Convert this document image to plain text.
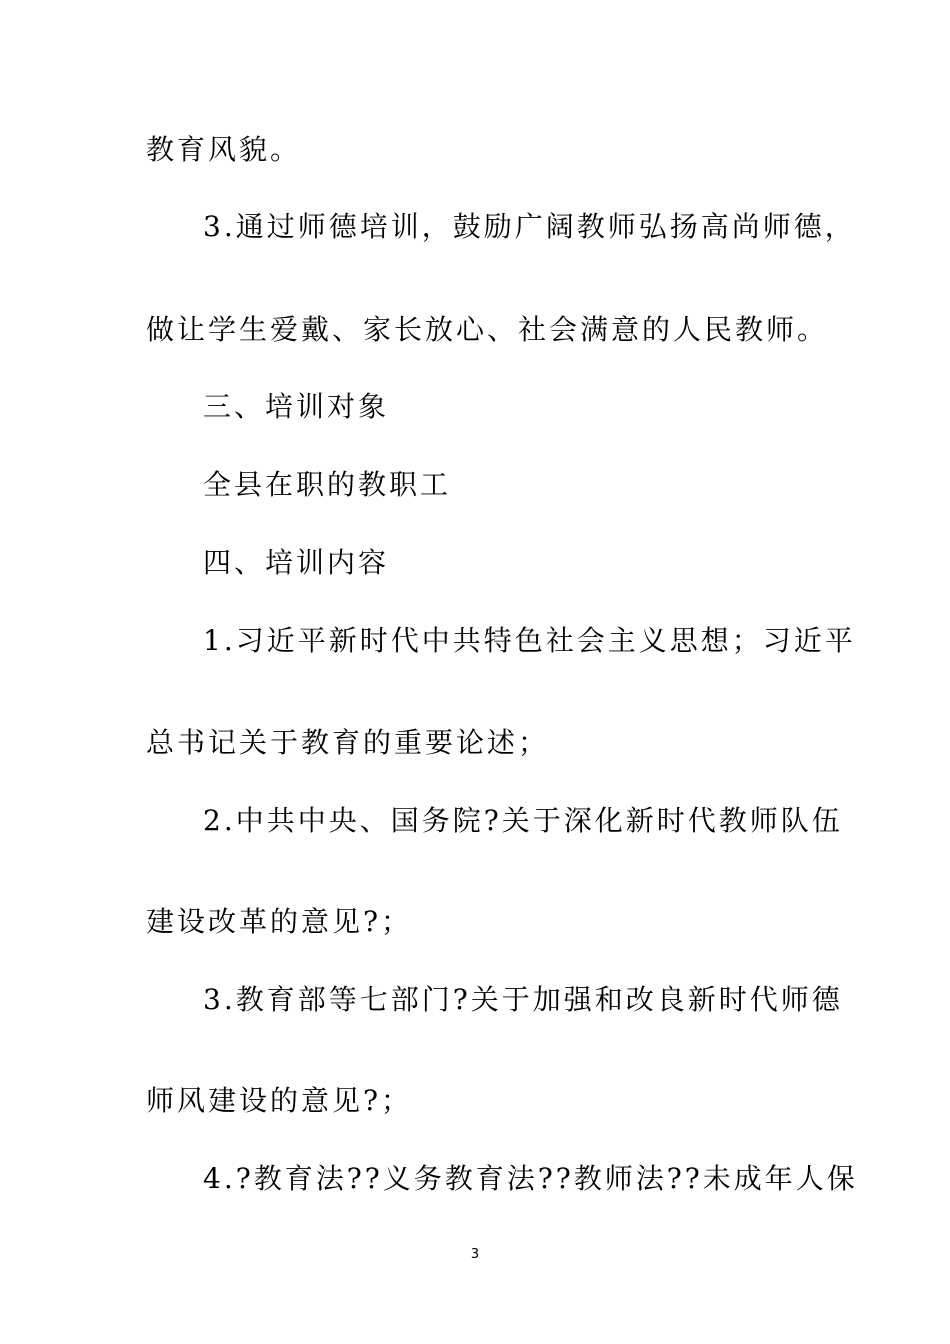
教育风貌。
3.通过师德培训，鼓励广阔教师弘扬高尚师德，
做让学生爱戴、家长放心、社会满意的人民教师。
三、培训对象
全县在职的教职工
四、培训内容
1.习近平新时代中共特色社会主义思想；习近平
总书记关于教育的重要论述；
2.中共中央、国务院?关于深化新时代教师队伍
建设改革的意见?；
3.教育部等七部门?关于加强和改良新时代师德
师风建设的意见?；
4.?教育法??义务教育法??教师法??未成年人保
3
